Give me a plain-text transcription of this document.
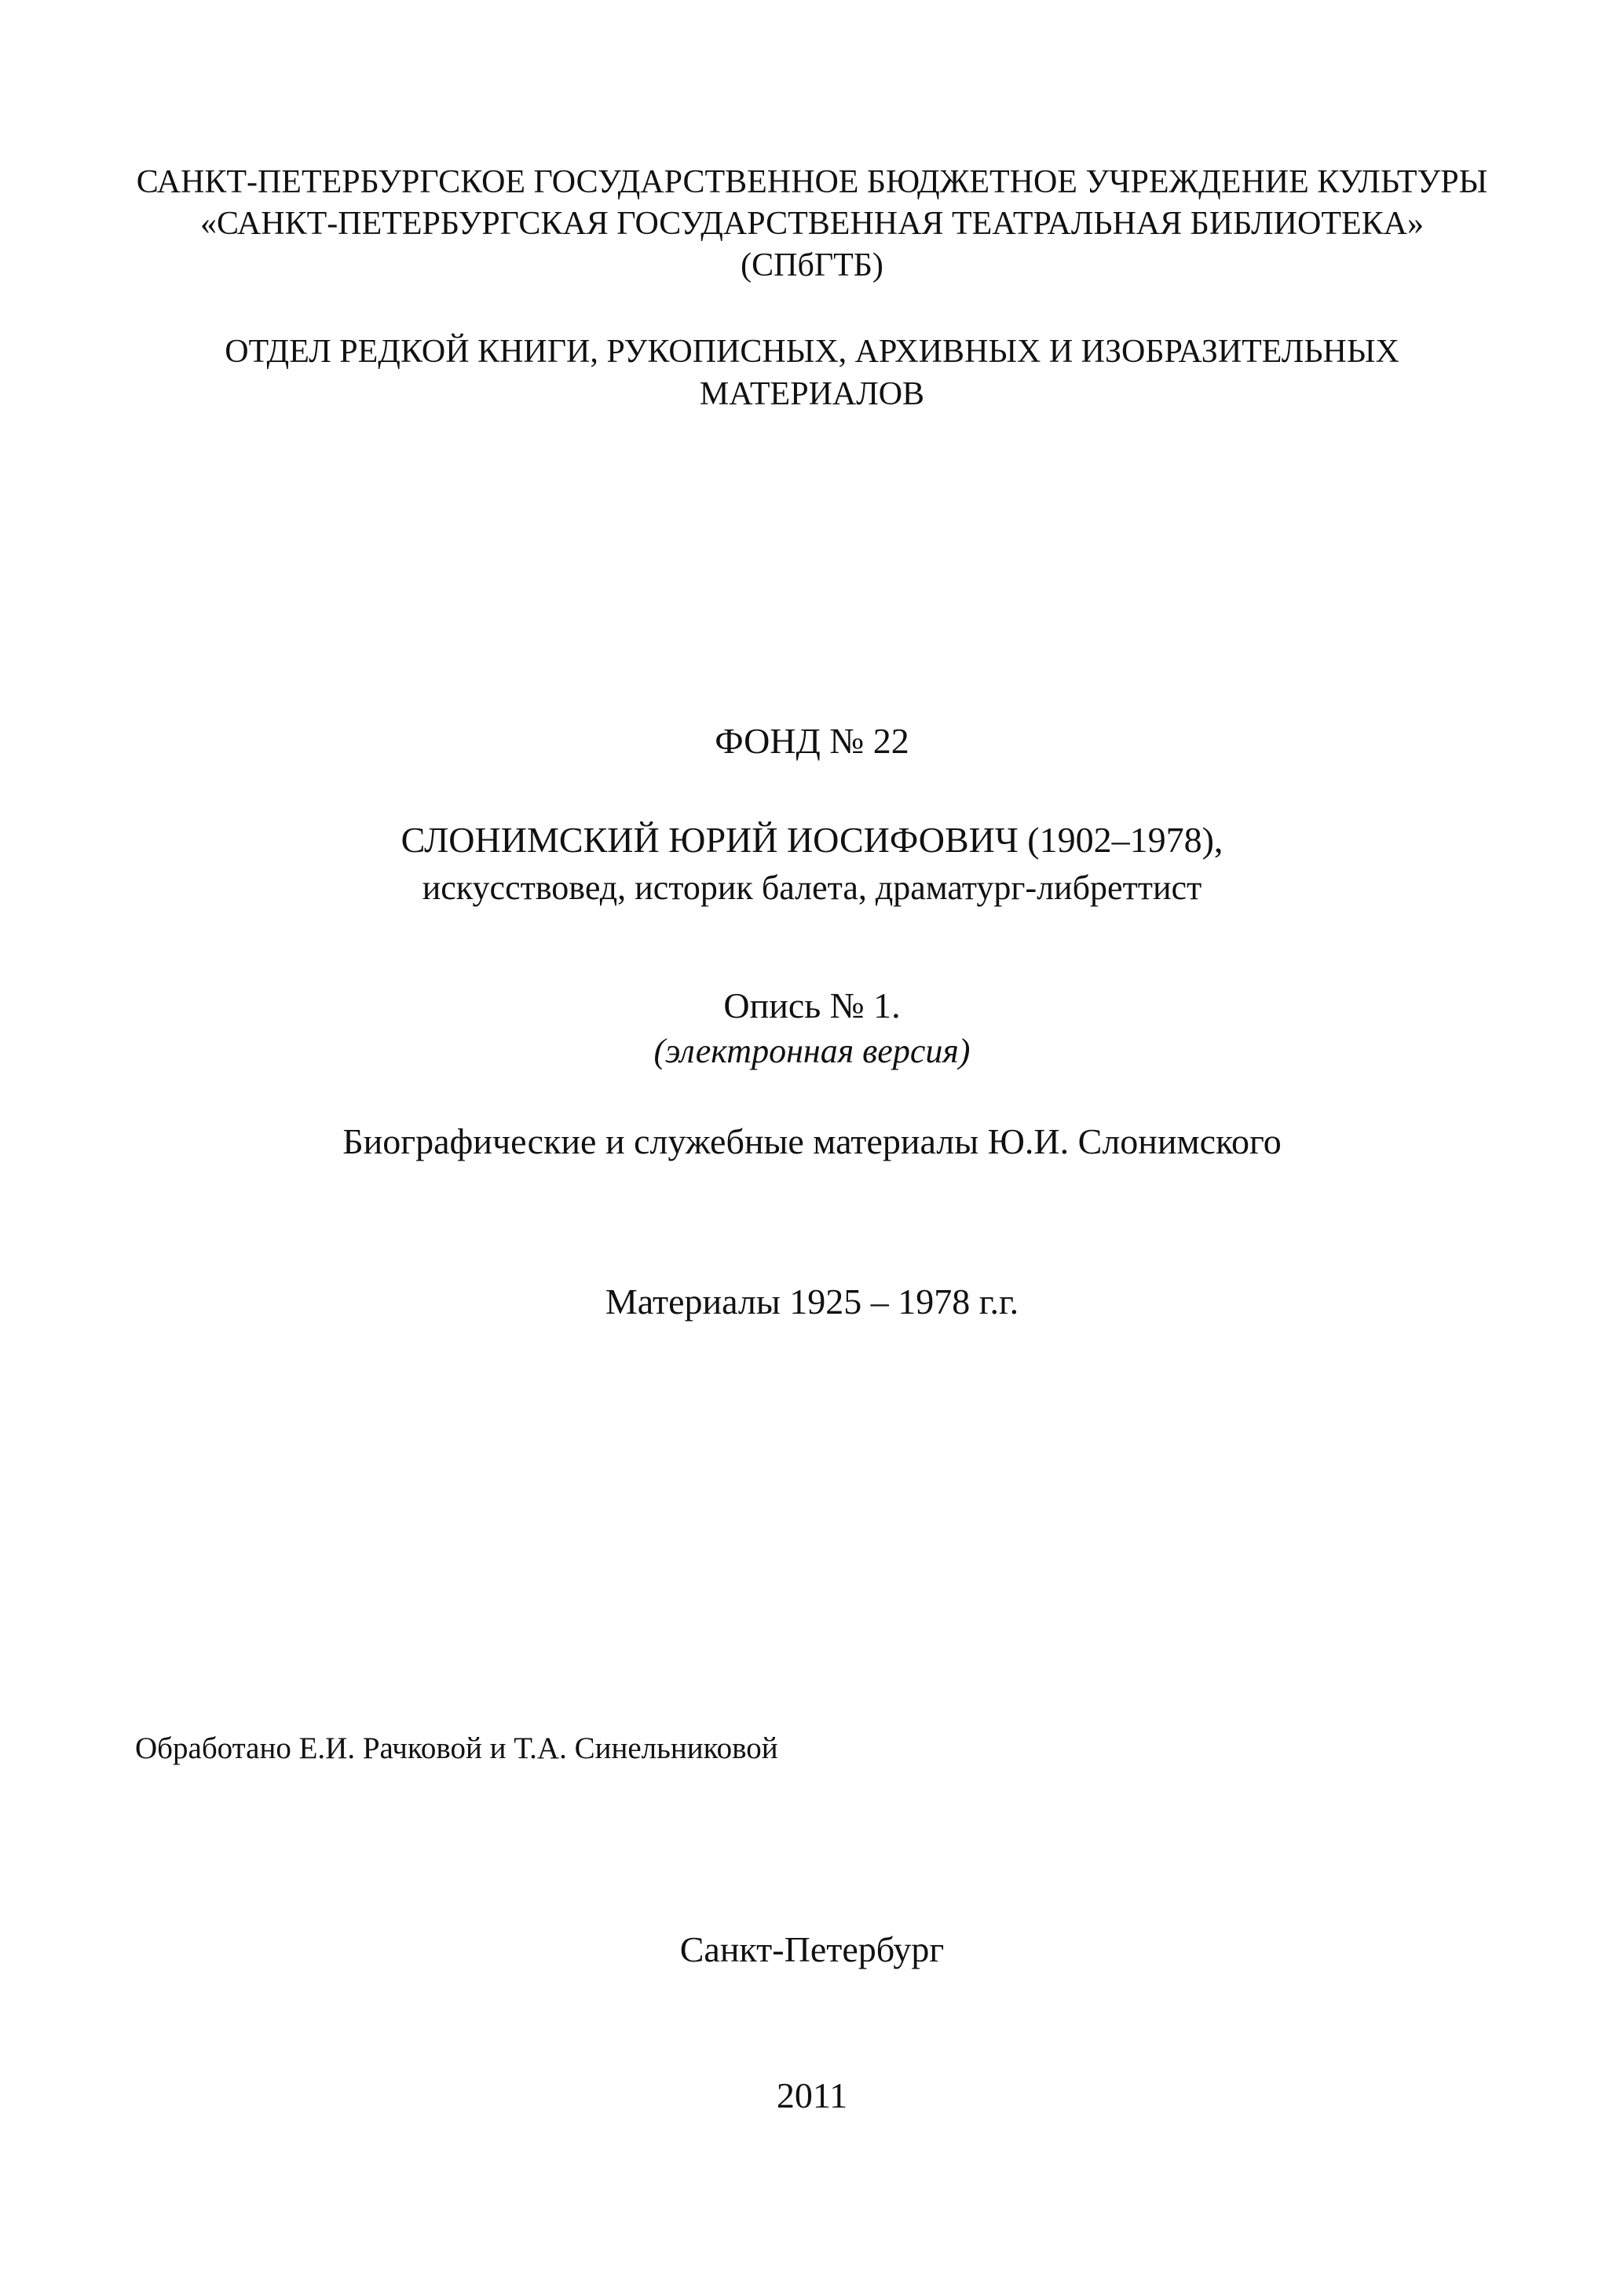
САНКТ-ПЕТЕРБУРГСКОЕ ГОСУДАРСТВЕННОЕ БЮДЖЕТНОЕ УЧРЕЖДЕНИЕ КУЛЬТУРЫ
«САНКТ-ПЕТЕРБУРГСКАЯ ГОСУДАРСТВЕННАЯ ТЕАТРАЛЬНАЯ БИБЛИОТЕКА»
(СПбГТБ)
ОТДЕЛ РЕДКОЙ КНИГИ, РУКОПИСНЫХ, АРХИВНЫХ И ИЗОБРАЗИТЕЛЬНЫХ
МАТЕРИАЛОВ
ФОНД № 22
СЛОНИМСКИЙ ЮРИЙ ИОСИФОВИЧ (1902–1978),
искусствовед, историк балета, драматург-либреттист
Опись № 1.
(электронная версия)
Биографические и служебные материалы Ю.И. Слонимского
Материалы 1925 – 1978 г.г.
Обработано Е.И. Рачковой и Т.А. Синельниковой
Санкт-Петербург
2011
